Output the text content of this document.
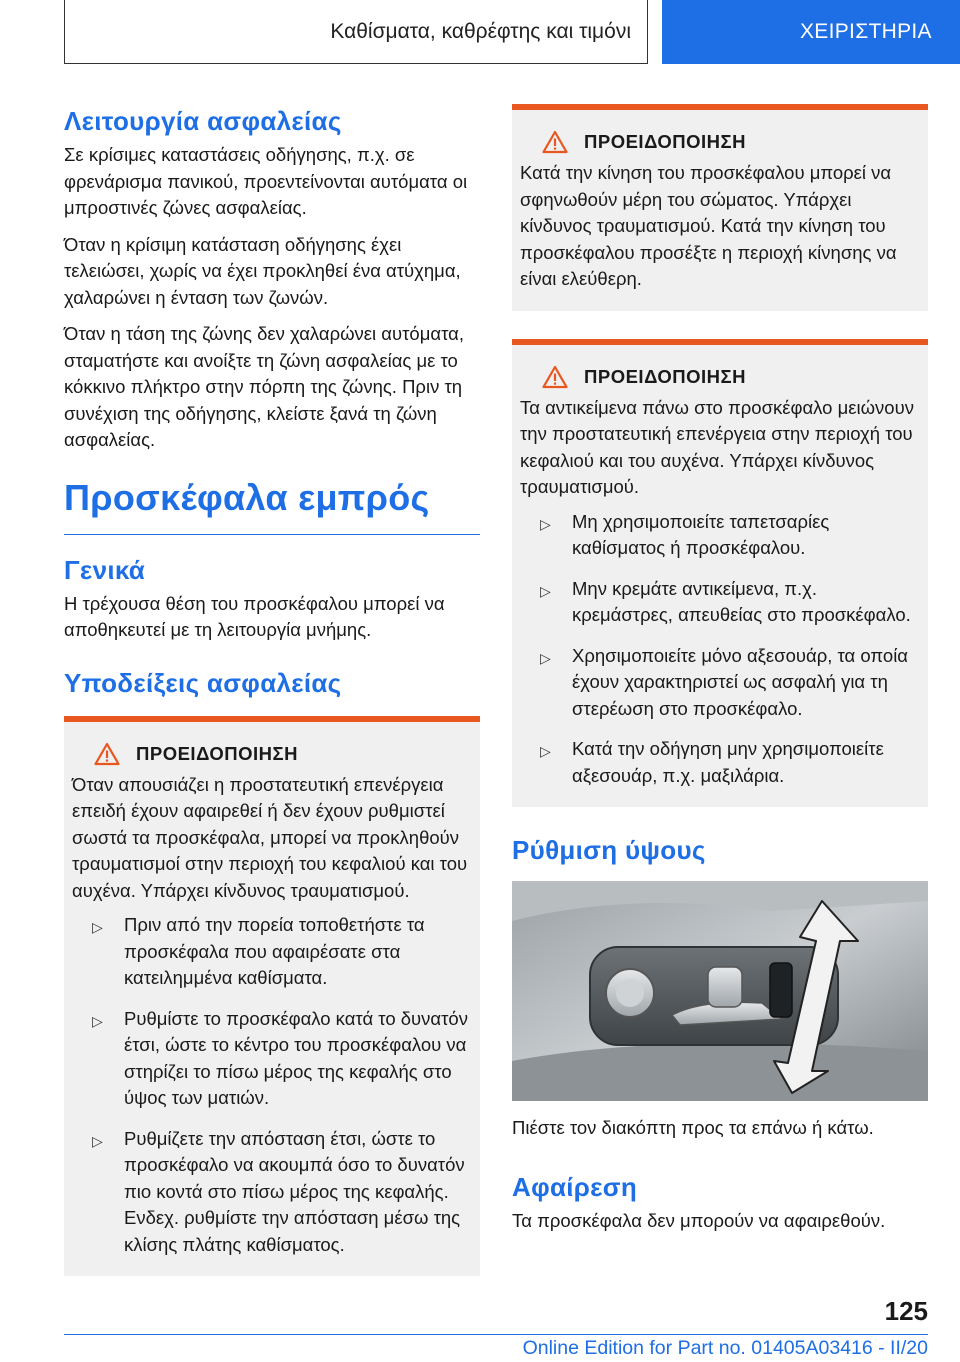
Καθίσματα, καθρέφτης και τιμόνι	ΧΕΙΡΙΣΤΗΡΙΑ
Λειτουργία ασφαλείας

Σε κρίσιμες καταστάσεις οδήγησης, π.χ. σε φρενάρισμα πανικού, προεντείνονται αυτόματα οι μπροστινές ζώνες ασφαλείας.

Όταν η κρίσιμη κατάσταση οδήγησης έχει τελειώσει, χωρίς να έχει προκληθεί ένα ατύχημα, χαλαρώνει η ένταση των ζωνών.

Όταν η τάση της ζώνης δεν χαλαρώνει αυτόματα, σταματήστε και ανοίξτε τη ζώνη ασφαλείας με το κόκκινο πλήκτρο στην πόρπη της ζώνης. Πριν τη συνέχιση της οδήγησης, κλείστε ξανά τη ζώνη ασφαλείας.

Προσκέφαλα εμπρός
Γενικά

Η τρέχουσα θέση του προσκέφαλου μπορεί να αποθηκευτεί με τη λειτουργία μνήμης.

Υποδείξεις ασφαλείας
ΠΡΟΕΙΔΟΠΟΙΗΣΗ

Όταν απουσιάζει η προστατευτική επενέργεια επειδή έχουν αφαιρεθεί ή δεν έχουν ρυθμιστεί σωστά τα προσκέφαλα, μπορεί να προκληθούν τραυματισμοί στην περιοχή του κεφαλιού και του αυχένα. Υπάρχει κίνδυνος τραυματισμού.

▷ Πριν από την πορεία τοποθετήστε τα προσκέφαλα που αφαιρέσατε στα κατειλημμένα καθίσματα.
▷ Ρυθμίστε το προσκέφαλο κατά το δυνατόν έτσι, ώστε το κέντρο του προσκέφαλου να στηρίζει το πίσω μέρος της κεφαλής στο ύψος των ματιών.
▷ Ρυθμίζετε την απόσταση έτσι, ώστε το προσκέφαλο να ακουμπά όσο το δυνατόν πιο κοντά στο πίσω μέρος της κεφαλής. Ενδεχ. ρυθμίστε την απόσταση μέσω της κλίσης πλάτης καθίσματος.
ΠΡΟΕΙΔΟΠΟΙΗΣΗ

Κατά την κίνηση του προσκέφαλου μπορεί να σφηνωθούν μέρη του σώματος. Υπάρχει κίνδυνος τραυματισμού. Κατά την κίνηση του προσκέφαλου προσέξτε η περιοχή κίνησης να είναι ελεύθερη.

ΠΡΟΕΙΔΟΠΟΙΗΣΗ

Τα αντικείμενα πάνω στο προσκέφαλο μειώνουν την προστατευτική επενέργεια στην περιοχή του κεφαλιού και του αυχένα. Υπάρχει κίνδυνος τραυματισμού.

▷ Μη χρησιμοποιείτε ταπετσαρίες καθίσματος ή προσκέφαλου.
▷ Μην κρεμάτε αντικείμενα, π.χ. κρεμάστρες, απευθείας στο προσκέφαλο.
▷ Χρησιμοποιείτε μόνο αξεσουάρ, τα οποία έχουν χαρακτηριστεί ως ασφαλή για τη στερέωση στο προσκέφαλο.
▷ Κατά την οδήγηση μην χρησιμοποιείτε αξεσουάρ, π.χ. μαξιλάρια.
Ρύθμιση ύψους

Πιέστε τον διακόπτη προς τα επάνω ή κάτω.

Αφαίρεση

Τα προσκέφαλα δεν μπορούν να αφαιρεθούν.

125
Online Edition for Part no. 01405A03416 - II/20
